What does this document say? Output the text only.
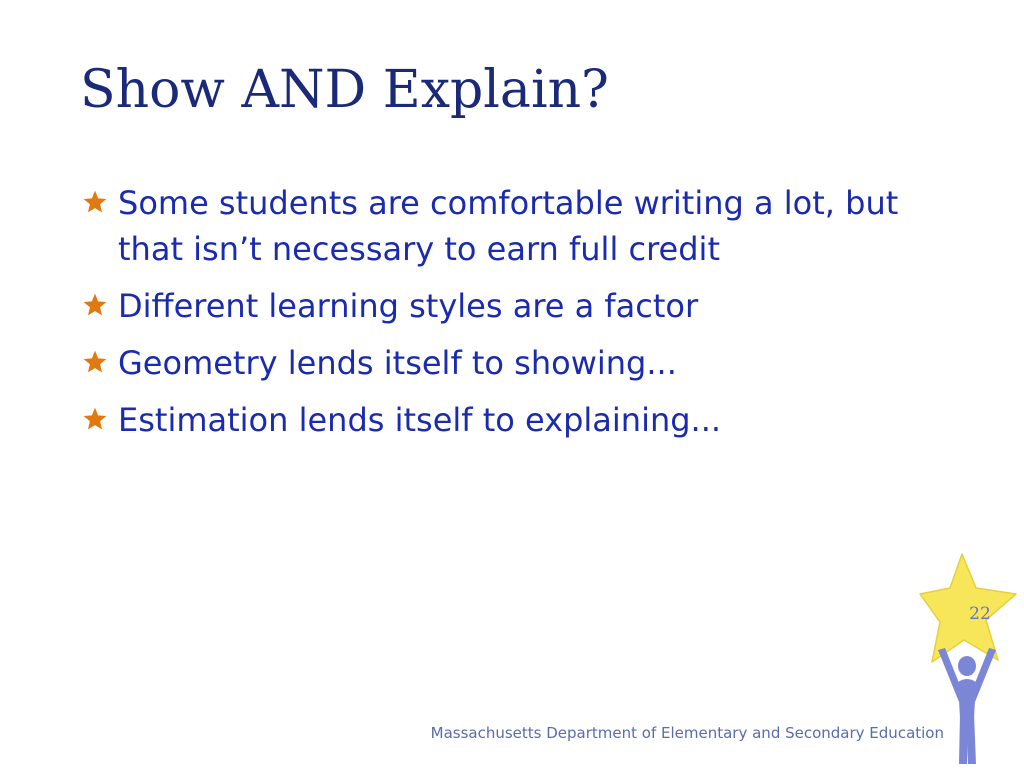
Show AND Explain?
Some students are comfortable writing a lot, but that isn’t necessary to earn full credit
Different learning styles are a factor
Geometry lends itself to showing...
Estimation lends itself to explaining...
Massachusetts Department of Elementary and Secondary Education
22
